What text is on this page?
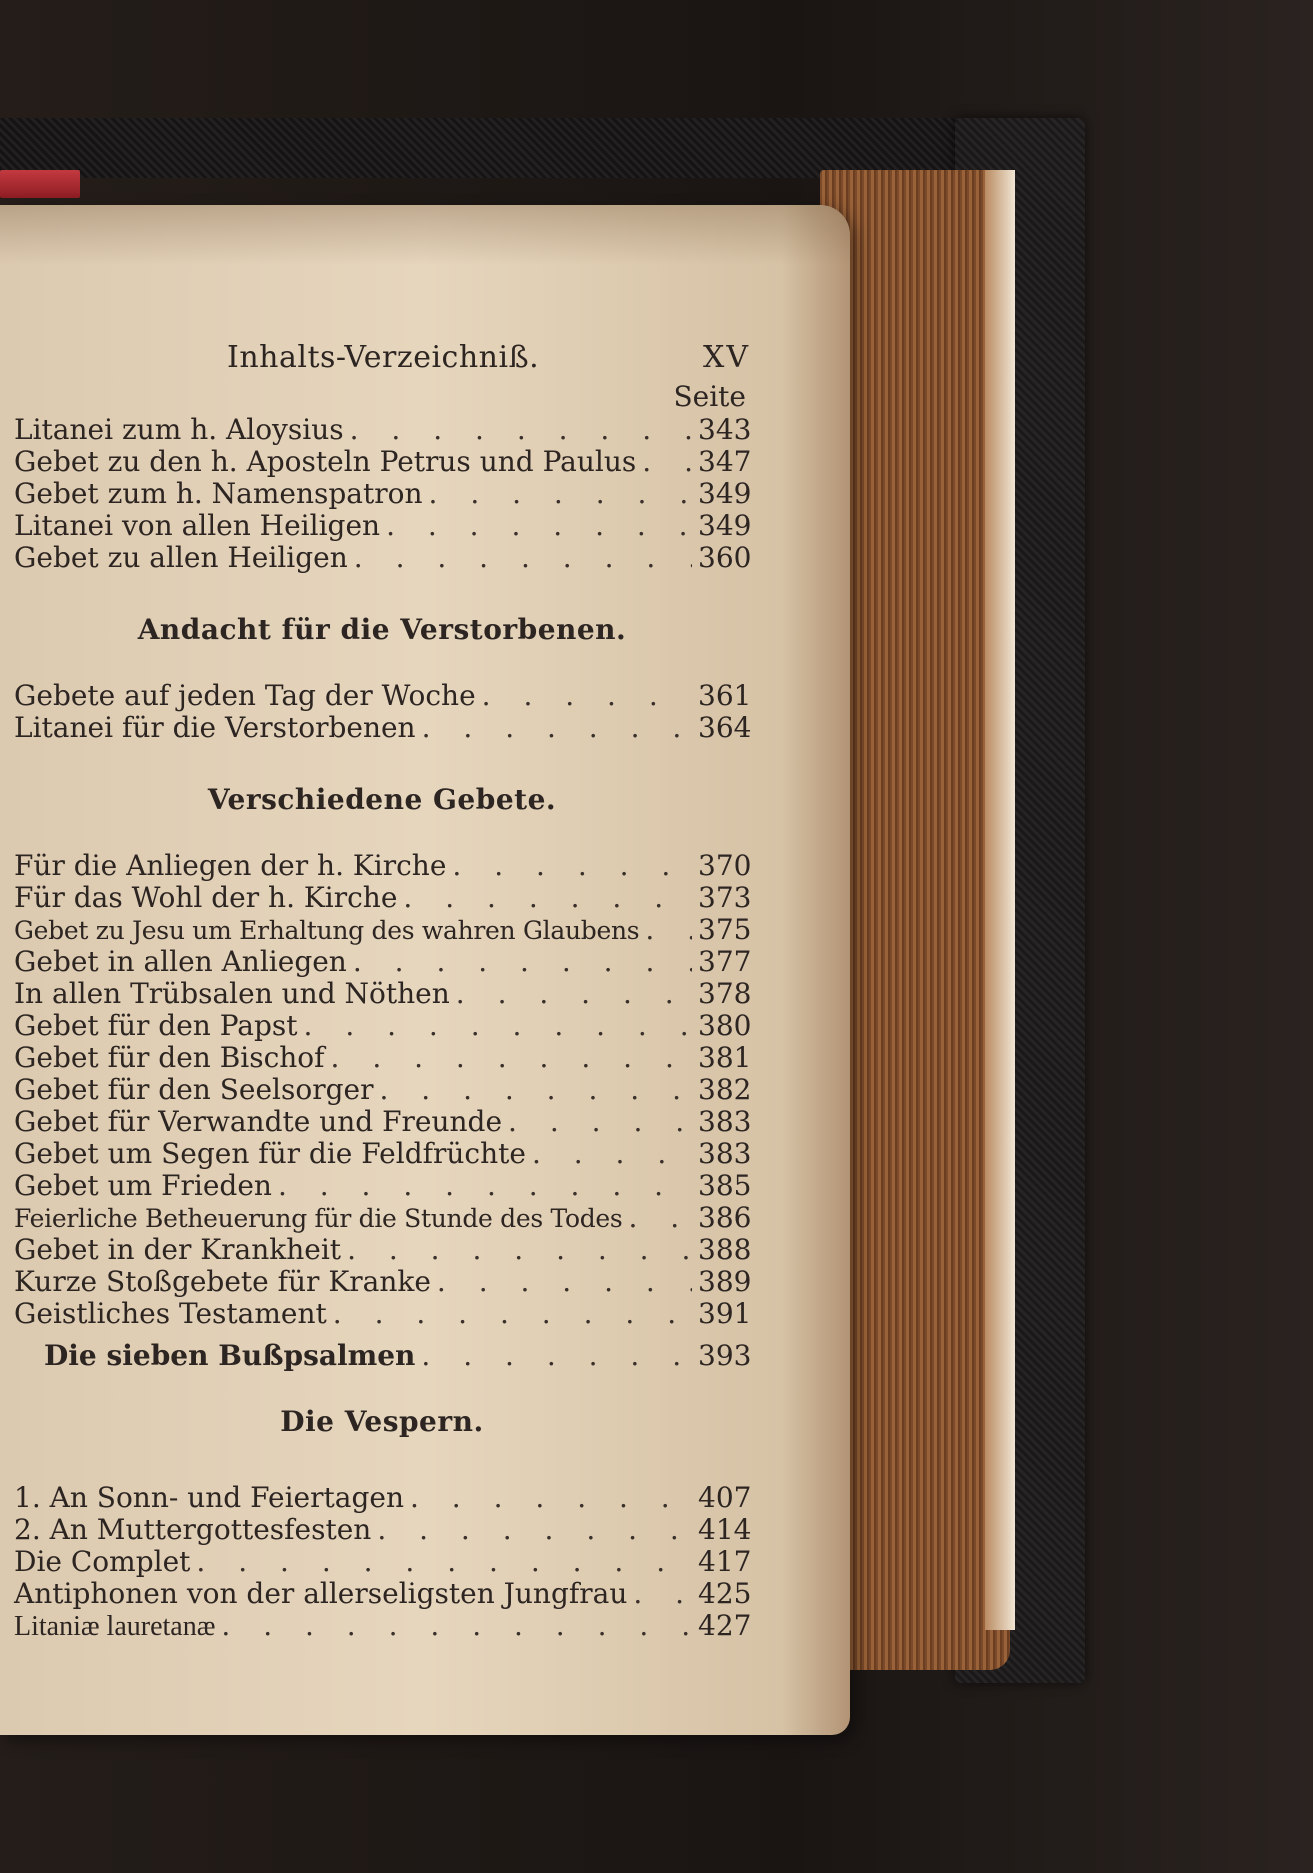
Inhalts-Verzeichniß.	XV
Seite
Litanei zum h. Aloysius . . .	343
Gebet zu den h. Aposteln Petrus und Paulus . . . 347
Gebet zum h. Namenspatron . . .	349
Litanei von allen Heiligen . . .	349
Gebet zu allen Heiligen . . .	360
Andacht für die Verstorbenen.
Gebete auf jeden Tag der Woche . . .	361
Litanei für die Verstorbenen . . .	364
Verschiedene Gebete.
Für die Anliegen der h. Kirche . . .	370
Für das Wohl der h. Kirche . . .	373
Gebet zu Jesu um Erhaltung des wahren Glaubens . . . 375
Gebet in allen Anliegen . . .	377
In allen Trübsalen und Nöthen . . .	378
Gebet für den Papst . . .	380
Gebet für den Bischof . . .	381
Gebet für den Seelsorger . . .	382
Gebet für Verwandte und Freunde . . .	383
Gebet um Segen für die Feldfrüchte . . .	383
Gebet um Frieden . . .	385
Feierliche Betheuerung für die Stunde des Todes . . .	386
Gebet in der Krankheit . . .	388
Kurze Stoßgebete für Kranke . . .	389
Geistliches Testament . . .	391
Die sieben Bußpsalmen . . .	393
Die Vespern.
1. An Sonn- und Feiertagen . . .	407
2. An Muttergottesfesten . . .	414
Die Complet . . .	417
Antiphonen von der allerseligsten Jungfrau . . .	425
Litaniæ lauretanæ . . .	427
